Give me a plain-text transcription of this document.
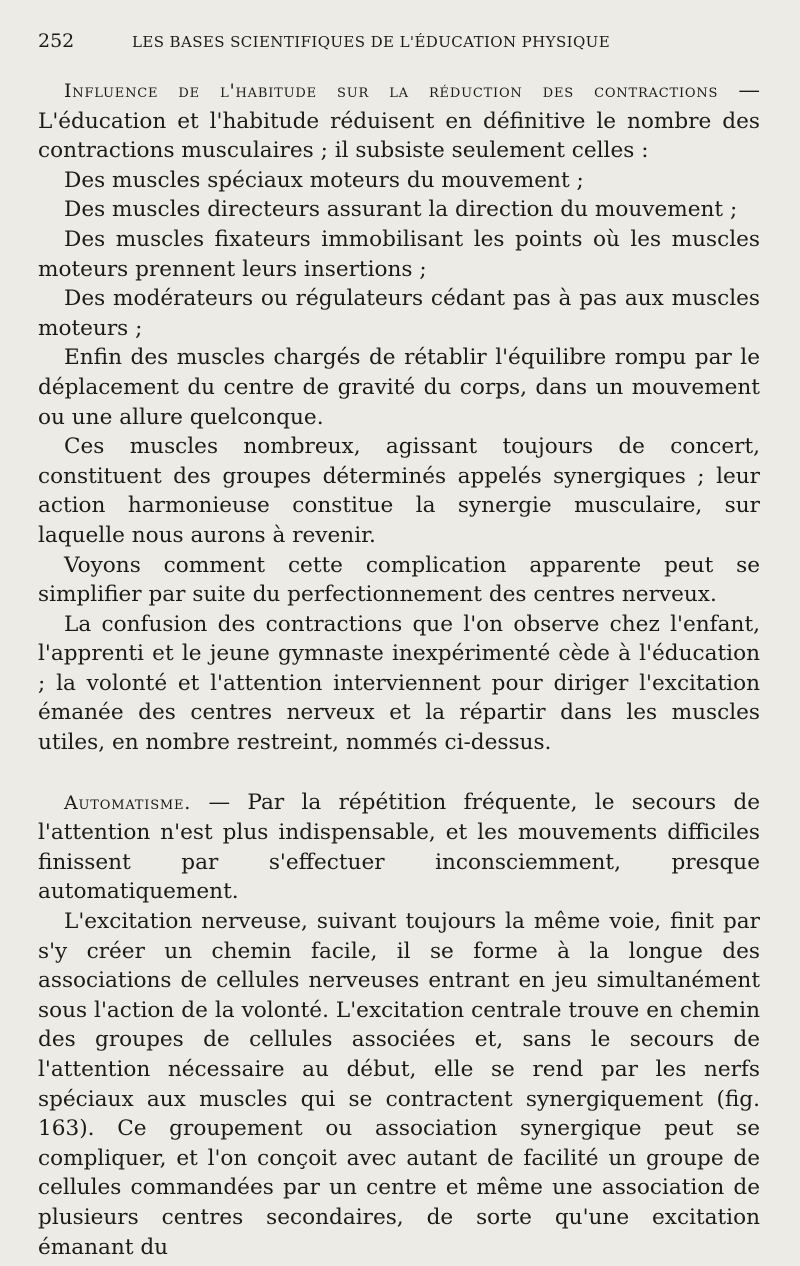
252	LES BASES SCIENTIFIQUES DE L'ÉDUCATION PHYSIQUE

Influence de l'habitude sur la réduction des contractions — L'éducation et l'habitude réduisent en définitive le nombre des contractions musculaires ; il subsiste seulement celles :

Des muscles spéciaux moteurs du mouvement ;

Des muscles directeurs assurant la direction du mouvement ;

Des muscles fixateurs immobilisant les points où les muscles moteurs prennent leurs insertions ;

Des modérateurs ou régulateurs cédant pas à pas aux muscles moteurs ;

Enfin des muscles chargés de rétablir l'équilibre rompu par le déplacement du centre de gravité du corps, dans un mouvement ou une allure quelconque.

Ces muscles nombreux, agissant toujours de concert, constituent des groupes déterminés appelés synergiques ; leur action harmonieuse constitue la synergie musculaire, sur laquelle nous aurons à revenir.

Voyons comment cette complication apparente peut se simplifier par suite du perfectionnement des centres nerveux.

La confusion des contractions que l'on observe chez l'enfant, l'apprenti et le jeune gymnaste inexpérimenté cède à l'éducation ; la volonté et l'attention interviennent pour diriger l'excitation émanée des centres nerveux et la répartir dans les muscles utiles, en nombre restreint, nommés ci-dessus.

Automatisme. — Par la répétition fréquente, le secours de l'attention n'est plus indispensable, et les mouvements difficiles finissent par s'effectuer inconsciemment, presque automatiquement.

L'excitation nerveuse, suivant toujours la même voie, finit par s'y créer un chemin facile, il se forme à la longue des associations de cellules nerveuses entrant en jeu simultanément sous l'action de la volonté. L'excitation centrale trouve en chemin des groupes de cellules associées et, sans le secours de l'attention nécessaire au début, elle se rend par les nerfs spéciaux aux muscles qui se contractent synergiquement (fig. 163). Ce groupement ou association synergique peut se compliquer, et l'on conçoit avec autant de facilité un groupe de cellules commandées par un centre et même une association de plusieurs centres secondaires, de sorte qu'une excitation émanant du
